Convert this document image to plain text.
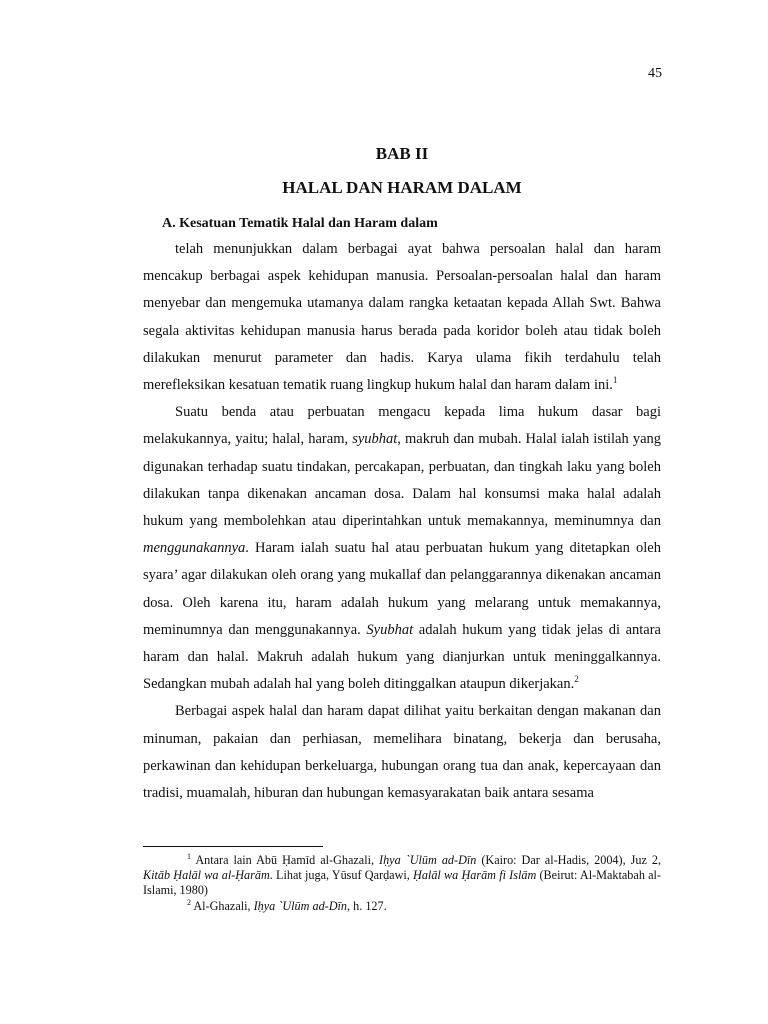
45
BAB II
HALAL DAN HARAM DALAM
A. Kesatuan Tematik Halal dan Haram dalam

telah menunjukkan dalam berbagai ayat bahwa persoalan halal dan haram mencakup berbagai aspek kehidupan manusia. Persoalan-persoalan halal dan haram menyebar dan mengemuka utamanya dalam rangka ketaatan kepada Allah Swt. Bahwa segala aktivitas kehidupan manusia harus berada pada koridor boleh atau tidak boleh dilakukan menurut parameter dan hadis. Karya ulama fikih terdahulu telah merefleksikan kesatuan tematik ruang lingkup hukum halal dan haram dalam ini.$^1$

Suatu benda atau perbuatan mengacu kepada lima hukum dasar bagi melakukannya, yaitu; halal, haram, syubhat, makruh dan mubah. Halal ialah istilah yang digunakan terhadap suatu tindakan, percakapan, perbuatan, dan tingkah laku yang boleh dilakukan tanpa dikenakan ancaman dosa. Dalam hal konsumsi maka halal adalah hukum yang membolehkan atau diperintahkan untuk memakannya, meminumnya dan menggunakannya. Haram ialah suatu hal atau perbuatan hukum yang ditetapkan oleh syara’ agar dilakukan oleh orang yang mukallaf dan pelanggarannya dikenakan ancaman dosa. Oleh karena itu, haram adalah hukum yang melarang untuk memakannya, meminumnya dan menggunakannya. Syubhat adalah hukum yang tidak jelas di antara haram dan halal. Makruh adalah hukum yang dianjurkan untuk meninggalkannya. Sedangkan mubah adalah hal yang boleh ditinggalkan ataupun dikerjakan.$^2$

Berbagai aspek halal dan haram dapat dilihat yaitu berkaitan dengan makanan dan minuman, pakaian dan perhiasan, memelihara binatang, bekerja dan berusaha, perkawinan dan kehidupan berkeluarga, hubungan orang tua dan anak, kepercayaan dan tradisi, muamalah, hiburan dan hubungan kemasyarakatan baik antara sesama

$^1$ Antara lain Abū Ḥamīd al-Ghazali, Iḥya `Ulūm ad-Dīn (Kairo: Dar al-Hadis, 2004), Juz 2, Kitāb Ḥalāl wa al-Ḥarām. Lihat juga, Yūsuf Qarḍawi, Ḥalāl wa Ḥarām fi Islām (Beirut: Al-Maktabah al-Islami, 1980)

$^2$ Al-Ghazali, Iḥya `Ulūm ad-Dīn, h. 127.
